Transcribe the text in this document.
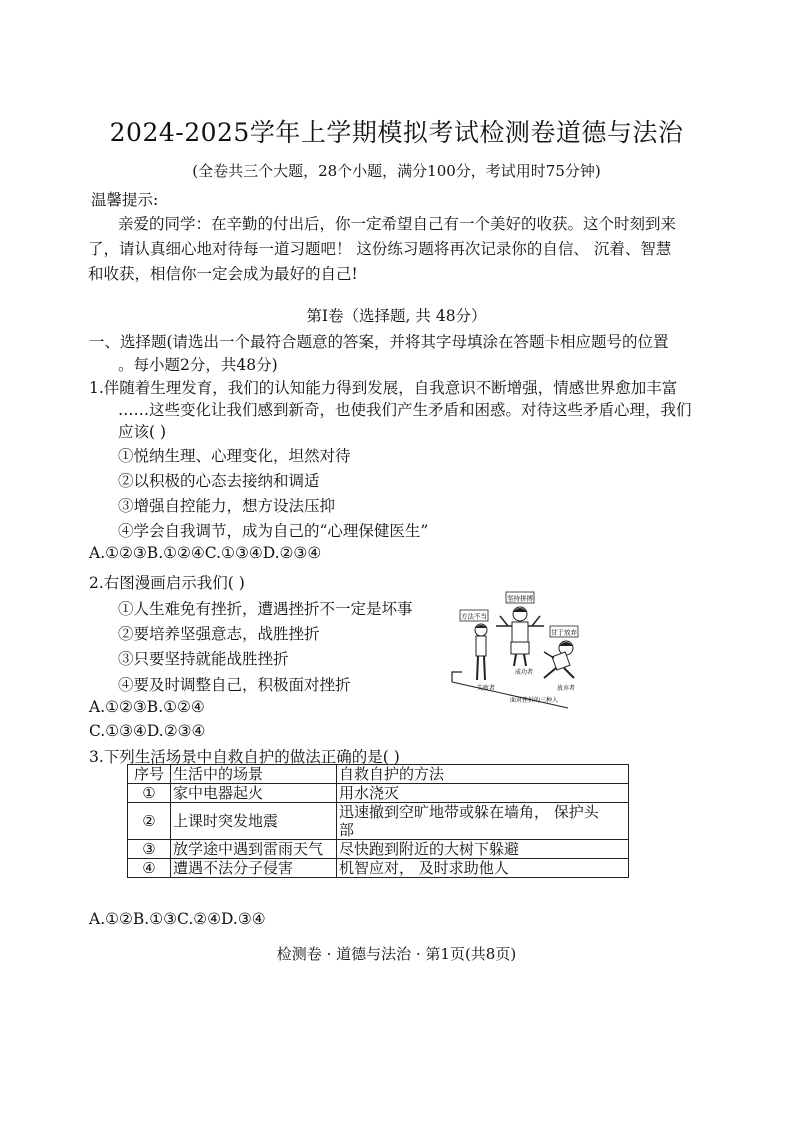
2024-2025学年上学期模拟考试检测卷道德与法治
(全卷共三个大题，28个小题，满分100分，考试用时75分钟)
温馨提示:
亲爱的同学：在辛勤的付出后，你一定希望自己有一个美好的收获。这个时刻到来
了，请认真细心地对待每一道习题吧！ 这份练习题将再次记录你的自信、 沉着、智慧
和收获，相信你一定会成为最好的自己!
第Ⅰ卷（选择题, 共 48分）
一、选择题(请选出一个最符合题意的答案，并将其字母填涂在答题卡相应题号的位置
。每小题2分，共48分)
1.伴随着生理发育，我们的认知能力得到发展，自我意识不断增强，情感世界愈加丰富
……这些变化让我们感到新奇，也使我们产生矛盾和困惑。对待这些矛盾心理，我们
应该( )
①悦纳生理、心理变化，坦然对待
②以积极的心态去接纳和调适
③增强自控能力，想方设法压抑
④学会自我调节，成为自己的“心理保健医生”
A.①②③B.①②④C.①③④D.②③④
2.右图漫画启示我们( )
①人生难免有挫折，遭遇挫折不一定是坏事
②要培养坚强意志，战胜挫折
③只要坚持就能战胜挫折
④要及时调整自己，积极面对挫折
A.①②③B.①②④
C.①③④D.②③④
方法不当
失败者
坚持拼搏
成功者
甘于放弃
放弃者
面对挫折的三种人
3.下列生活场景中自救自护的做法正确的是( )
序号	生活中的场景	自救自护的方法
①	家中电器起火	用水浇灭
②	上课时突发地震	迅速撤到空旷地带或躲在墙角， 保护头
部

③	放学途中遇到雷雨天气	尽快跑到附近的大树下躲避
④	遭遇不法分子侵害	机智应对， 及时求助他人
A.①②B.①③C.②④D.③④
检测卷 · 道德与法治 · 第1页(共8页)
